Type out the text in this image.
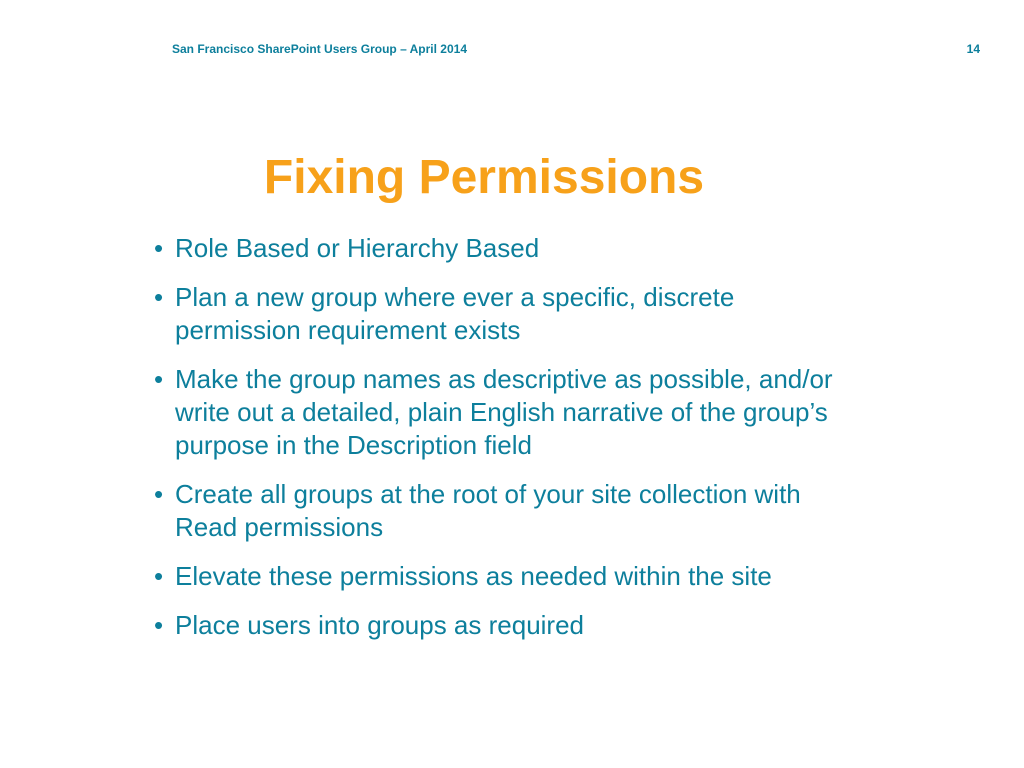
San Francisco SharePoint Users Group – April 2014	14
Fixing Permissions
• Role Based or Hierarchy Based
• Plan a new group where ever a specific, discrete permission requirement exists
• Make the group names as descriptive as possible, and/or write out a detailed, plain English narrative of the group’s purpose in the Description field
• Create all groups at the root of your site collection with Read permissions
• Elevate these permissions as needed within the site
• Place users into groups as required
